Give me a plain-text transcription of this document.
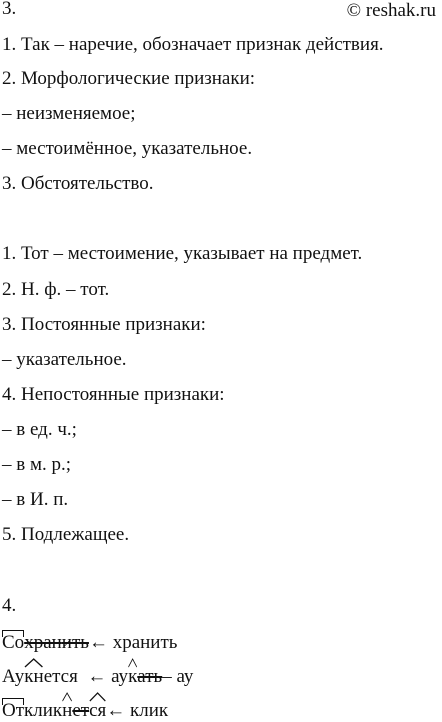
3.	© reshak.ru
1. Так – наречие, обозначает признак действия.
2. Морфологические признаки:
– неизменяемое;
– местоимённое, указательное.
3. Обстоятельство.
1. Тот – местоимение, указывает на предмет.
2. Н. ф. – тот.
3. Постоянные признаки:
– указательное.
4. Непостоянные признаки:
– в ед. ч.;
– в м. р.;
– в И. п.
5. Подлежащее.
4.
Сохранить← хранить
Ау
кнется ← ау
кать– ау
Отклик
нет
ся← клик
